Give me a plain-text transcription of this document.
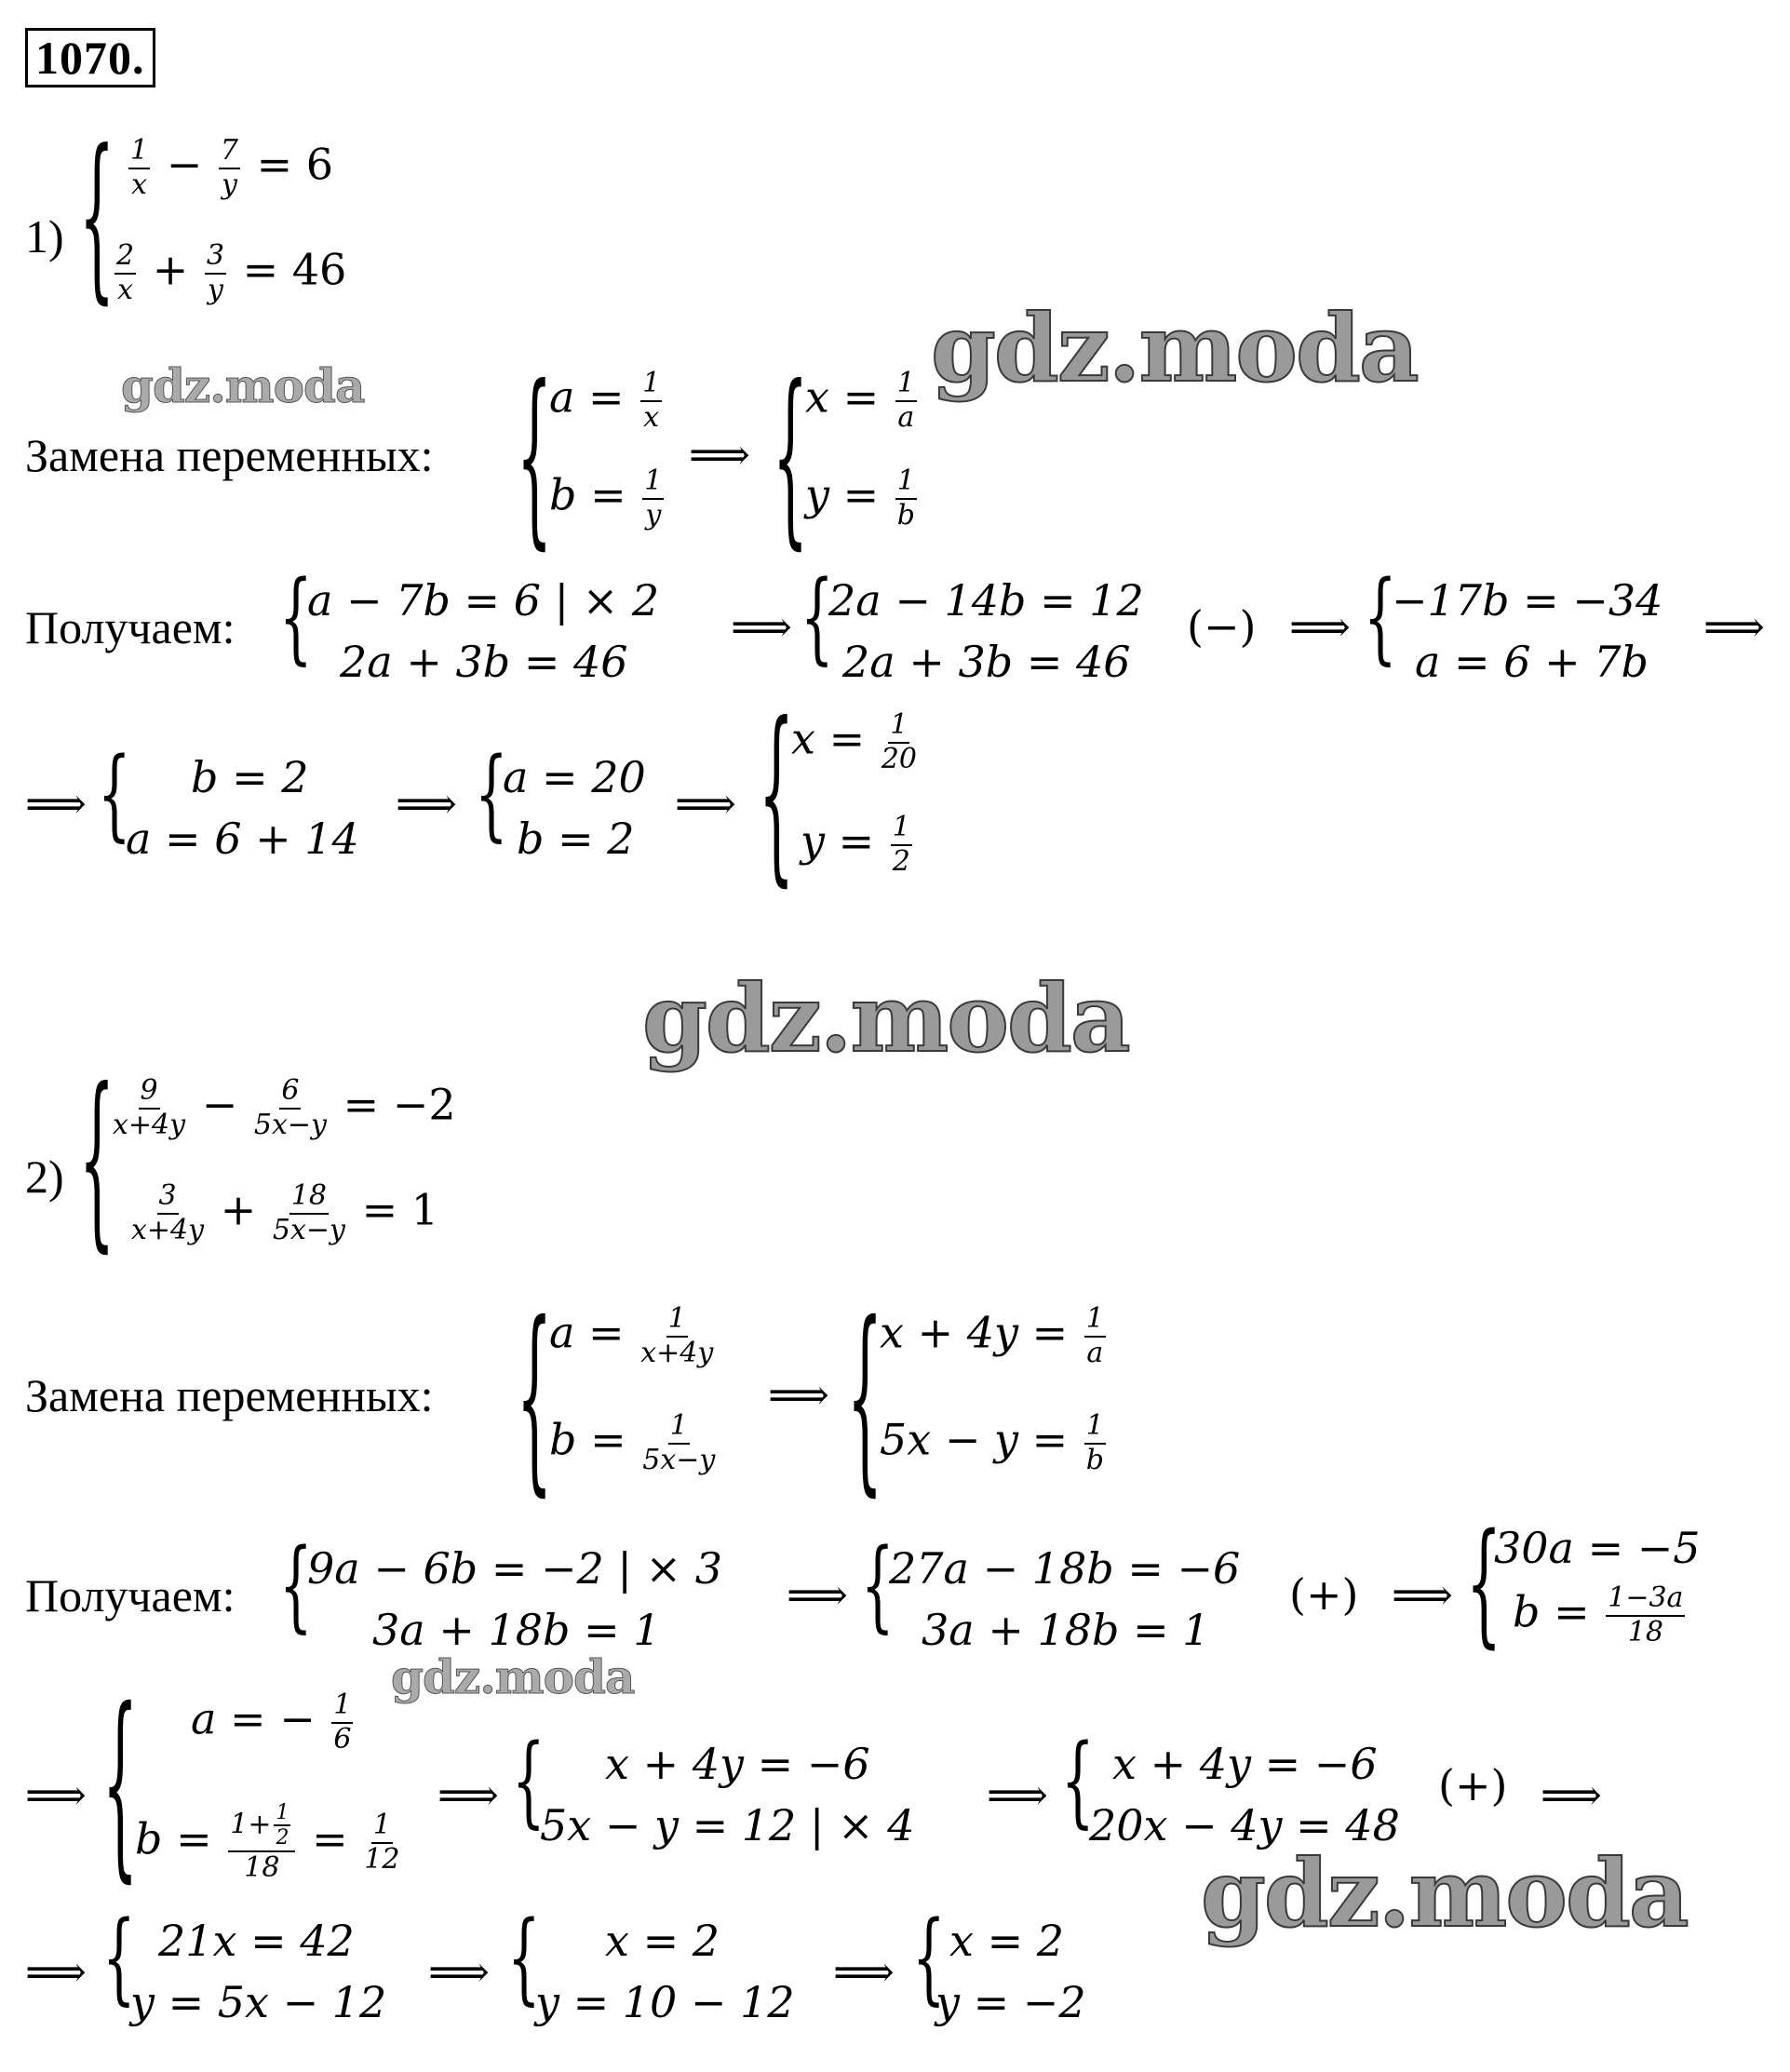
1070.
1) { $\frac{1}{x} - \frac{7}{y} = 6$
$\frac{2}{x} + \frac{3}{y} = 46$
gdz.moda	gdz.moda
Замена переменных: {
$a = \frac{1}{x}$
$b = \frac{1}{y}$
⟹ {
$x = \frac{1}{a}$
$y = \frac{1}{b}$
Получаем: {
a − 7b = 6 | × 2
2a + 3b = 46
⟹ {
2a − 14b = 12
2a + 3b = 46
(−) ⟹ {
−17b = −34
a = 6 + 7b
⟹
⟹ { b = 2
a = 6 + 14
⟹ {
a = 20
b = 2
⟹ {
$x = \frac{1}{20}$
$y = \frac{1}{2}$
gdz.moda
2) {
$\frac{9}{x+4y} - \frac{6}{5x-y} = -2$
$\frac{3}{x+4y} + \frac{18}{5x-y} = 1$
Замена переменных: {
$a = \frac{1}{x+4y}$
$b = \frac{1}{5x-y}$
⟹ {
$x + 4y = \frac{1}{a}$
$5x - y = \frac{1}{b}$
Получаем: {
9a − 6b = −2 | × 3
3a + 18b = 1
⟹ {
27a − 18b = −6
3a + 18b = 1
(+) ⟹ {
30a = −5
$b = \frac{1-3a}{18}$
gdz.moda
⟹ { a = − $\frac{1}{6}$
$b = \frac{1+ \frac{1}{2}}{18} = \frac{1}{12}$
⟹ { x + 4y = −6
5x − y = 12 | × 4
⟹ { x + 4y = −6
20x − 4y = 48
(+) ⟹
gdz.moda
⟹ { 21x = 42
y = 5x − 12
⟹ { x = 2
y = 10 − 12
⟹ { x = 2
y = −2
